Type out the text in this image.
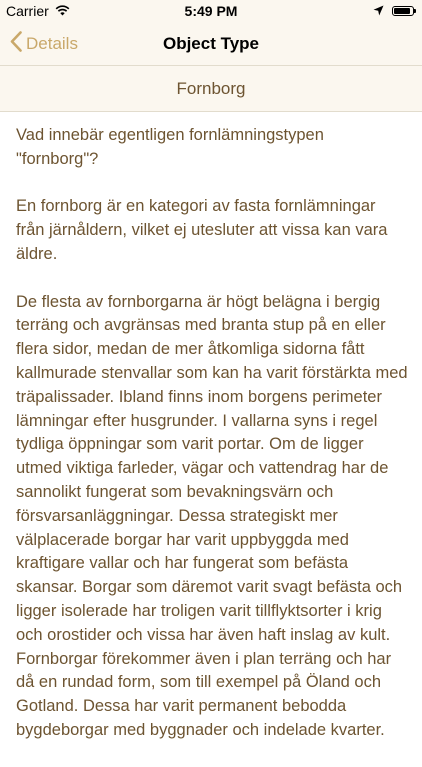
Carrier	5:49 PM
Details	Object Type
Fornborg

Vad innebär egentligen fornlämningstypen "fornborg"?

En fornborg är en kategori av fasta fornlämningar från järnåldern, vilket ej utesluter att vissa kan vara äldre.

De flesta av fornborgarna är högt belägna i bergig terräng och avgränsas med branta stup på en eller flera sidor, medan de mer åtkomliga sidorna fått kallmurade stenvallar som kan ha varit förstärkta med träpalissader. Ibland finns inom borgens perimeter lämningar efter husgrunder. I vallarna syns i regel tydliga öppningar som varit portar. Om de ligger utmed viktiga farleder, vägar och vattendrag har de sannolikt fungerat som bevakningsvärn och försvarsanläggningar. Dessa strategiskt mer välplacerade borgar har varit uppbyggda med kraftigare vallar och har fungerat som befästa skansar. Borgar som däremot varit svagt befästa och ligger isolerade har troligen varit tillflyktsorter i krig och orostider och vissa har även haft inslag av kult. Fornborgar förekommer även i plan terräng och har då en rundad form, som till exempel på Öland och Gotland. Dessa har varit permanent bebodda bygdeborgar med byggnader och indelade kvarter.
